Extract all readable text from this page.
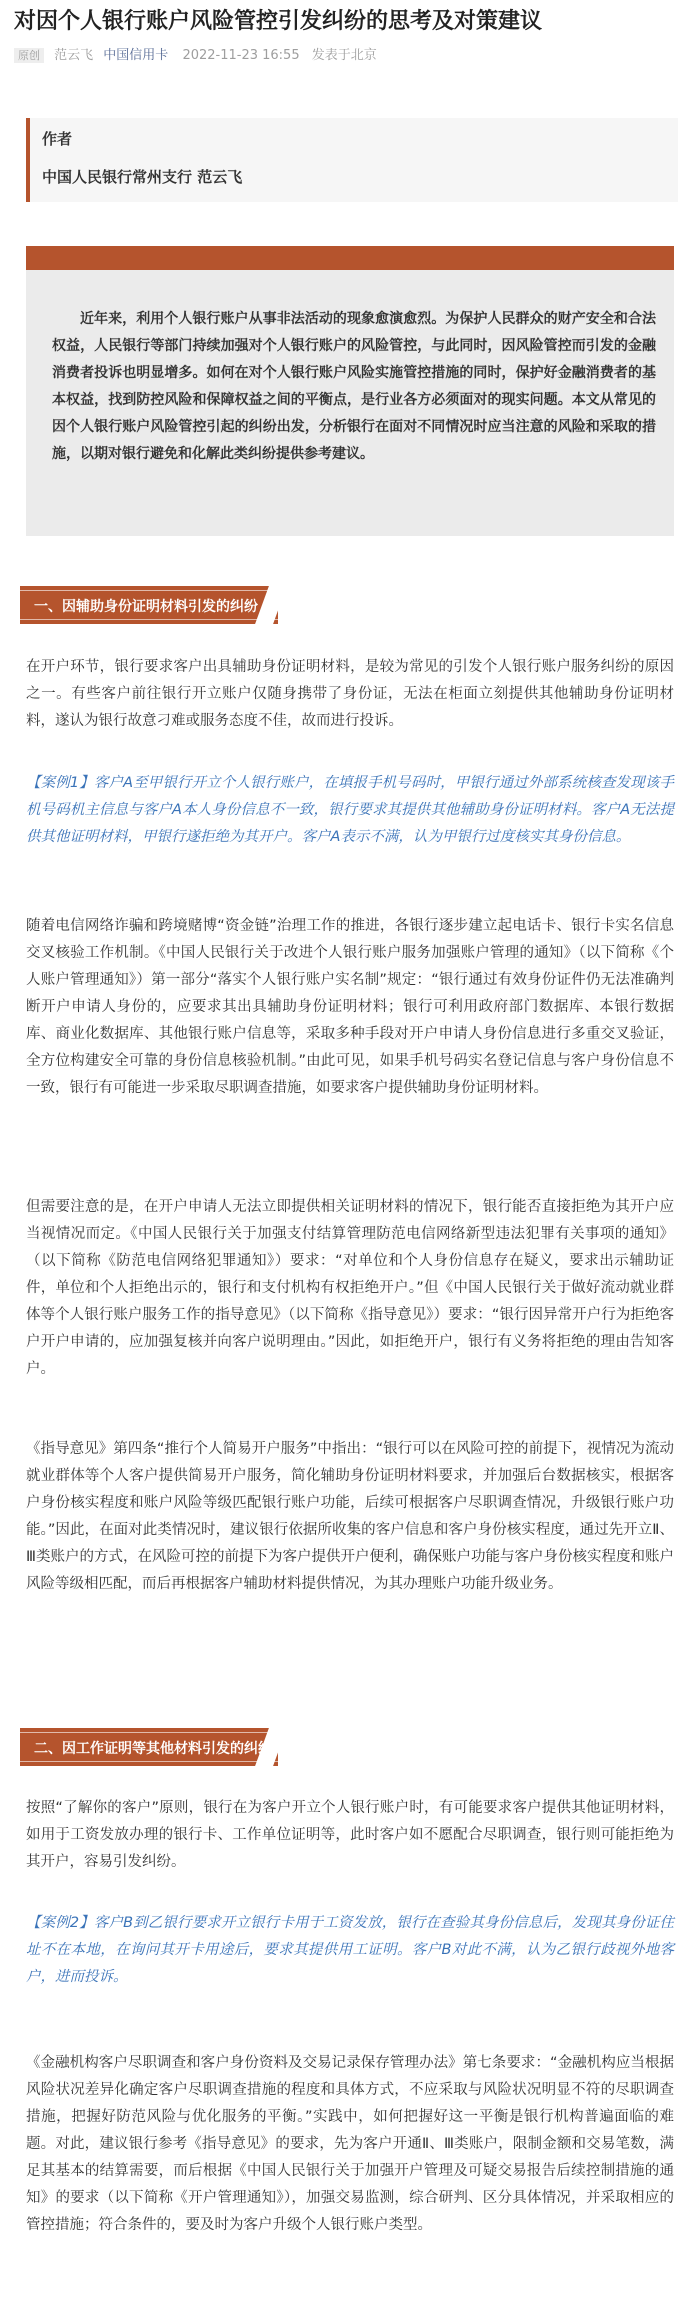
对因个人银行账户风险管控引发纠纷的思考及对策建议
原创 范云飞 中国信用卡 2022-11-23 16:55 发表于北京
作者
中国人民银行常州支行 范云飞
近年来，利用个人银行账户从事非法活动的现象愈演愈烈。为保护人民群众的财产安全和合法权益，人民银行等部门持续加强对个人银行账户的风险管控，与此同时，因风险管控而引发的金融消费者投诉也明显增多。如何在对个人银行账户风险实施管控措施的同时，保护好金融消费者的基本权益，找到防控风险和保障权益之间的平衡点，是行业各方必须面对的现实问题。本文从常见的因个人银行账户风险管控引起的纠纷出发，分析银行在面对不同情况时应当注意的风险和采取的措施，以期对银行避免和化解此类纠纷提供参考建议。
一、因辅助身份证明材料引发的纠纷
在开户环节，银行要求客户出具辅助身份证明材料，是较为常见的引发个人银行账户服务纠纷的原因之一。有些客户前往银行开立账户仅随身携带了身份证，无法在柜面立刻提供其他辅助身份证明材料，遂认为银行故意刁难或服务态度不佳，故而进行投诉。
【案例1】客户A至甲银行开立个人银行账户，在填报手机号码时，甲银行通过外部系统核查发现该手机号码机主信息与客户A本人身份信息不一致，银行要求其提供其他辅助身份证明材料。客户A无法提供其他证明材料，甲银行遂拒绝为其开户。客户A表示不满，认为甲银行过度核实其身份信息。
随着电信网络诈骗和跨境赌博“资金链”治理工作的推进，各银行逐步建立起电话卡、银行卡实名信息交叉核验工作机制。《中国人民银行关于改进个人银行账户服务加强账户管理的通知》（以下简称《个人账户管理通知》）第一部分“落实个人银行账户实名制”规定：“银行通过有效身份证件仍无法准确判断开户申请人身份的，应要求其出具辅助身份证明材料；银行可利用政府部门数据库、本银行数据库、商业化数据库、其他银行账户信息等，采取多种手段对开户申请人身份信息进行多重交叉验证，全方位构建安全可靠的身份信息核验机制。”由此可见，如果手机号码实名登记信息与客户身份信息不一致，银行有可能进一步采取尽职调查措施，如要求客户提供辅助身份证明材料。
但需要注意的是，在开户申请人无法立即提供相关证明材料的情况下，银行能否直接拒绝为其开户应当视情况而定。《中国人民银行关于加强支付结算管理防范电信网络新型违法犯罪有关事项的通知》（以下简称《防范电信网络犯罪通知》）要求：“对单位和个人身份信息存在疑义，要求出示辅助证件，单位和个人拒绝出示的，银行和支付机构有权拒绝开户。”但《中国人民银行关于做好流动就业群体等个人银行账户服务工作的指导意见》（以下简称《指导意见》）要求：“银行因异常开户行为拒绝客户开户申请的，应加强复核并向客户说明理由。”因此，如拒绝开户，银行有义务将拒绝的理由告知客户。
《指导意见》第四条“推行个人简易开户服务”中指出：“银行可以在风险可控的前提下，视情况为流动就业群体等个人客户提供简易开户服务，简化辅助身份证明材料要求，并加强后台数据核实，根据客户身份核实程度和账户风险等级匹配银行账户功能，后续可根据客户尽职调查情况，升级银行账户功能。”因此，在面对此类情况时，建议银行依据所收集的客户信息和客户身份核实程度，通过先开立Ⅱ、Ⅲ类账户的方式，在风险可控的前提下为客户提供开户便利，确保账户功能与客户身份核实程度和账户风险等级相匹配，而后再根据客户辅助材料提供情况，为其办理账户功能升级业务。
二、因工作证明等其他材料引发的纠纷
按照“了解你的客户”原则，银行在为客户开立个人银行账户时，有可能要求客户提供其他证明材料，如用于工资发放办理的银行卡、工作单位证明等，此时客户如不愿配合尽职调查，银行则可能拒绝为其开户，容易引发纠纷。
【案例2】客户B到乙银行要求开立银行卡用于工资发放，银行在查验其身份信息后，发现其身份证住址不在本地，在询问其开卡用途后，要求其提供用工证明。客户B对此不满，认为乙银行歧视外地客户，进而投诉。
《金融机构客户尽职调查和客户身份资料及交易记录保存管理办法》第七条要求：“金融机构应当根据风险状况差异化确定客户尽职调查措施的程度和具体方式，不应采取与风险状况明显不符的尽职调查措施，把握好防范风险与优化服务的平衡。”实践中，如何把握好这一平衡是银行机构普遍面临的难题。对此，建议银行参考《指导意见》的要求，先为客户开通Ⅱ、Ⅲ类账户，限制金额和交易笔数，满足其基本的结算需要，而后根据《中国人民银行关于加强开户管理及可疑交易报告后续控制措施的通知》的要求（以下简称《开户管理通知》），加强交易监测，综合研判、区分具体情况，并采取相应的管控措施；符合条件的，要及时为客户升级个人银行账户类型。
